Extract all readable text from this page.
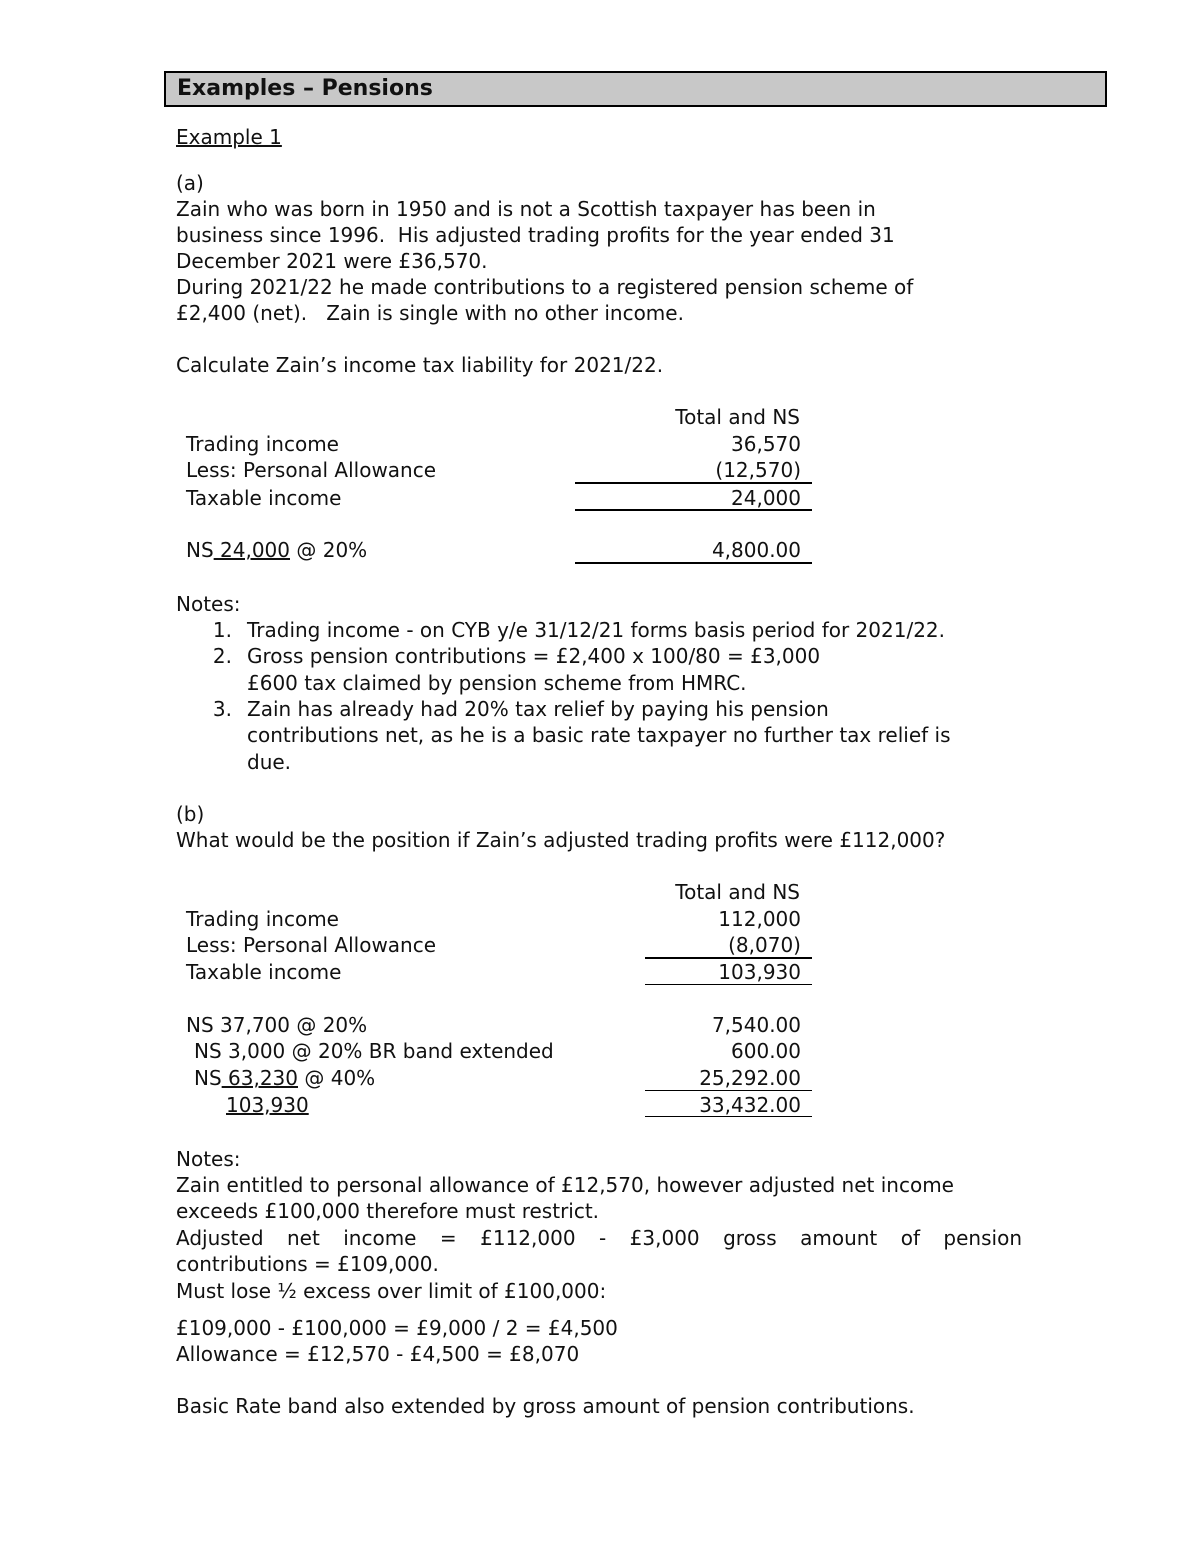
Examples – Pensions
Example 1
(a)
Zain who was born in 1950 and is not a Scottish taxpayer has been in
business since 1996.  His adjusted trading profits for the year ended 31
December 2021 were £36,570.
During 2021/22 he made contributions to a registered pension scheme of
£2,400 (net).   Zain is single with no other income.
Calculate Zain’s income tax liability for 2021/22.
Total and NS
Trading income	36,570
Less: Personal Allowance	(12,570)
Taxable income	24,000
NS 24,000 @ 20%	4,800.00
Notes:
1. Trading income - on CYB y/e 31/12/21 forms basis period for 2021/22.
2. Gross pension contributions = £2,400 x 100/80 = £3,000
£600 tax claimed by pension scheme from HMRC.
3. Zain has already had 20% tax relief by paying his pension
contributions net, as he is a basic rate taxpayer no further tax relief is
due.
(b)
What would be the position if Zain’s adjusted trading profits were £112,000?
Total and NS
Trading income	112,000
Less: Personal Allowance	(8,070)
Taxable income	103,930
NS 37,700 @ 20%	7,540.00
NS 3,000 @ 20% BR band extended	600.00
NS 63,230 @ 40%	25,292.00
103,930	33,432.00
Notes:
Zain entitled to personal allowance of £12,570, however adjusted net income
exceeds £100,000 therefore must restrict.
Adjusted net income = £112,000 - £3,000 gross amount of pension
contributions = £109,000.
Must lose ½ excess over limit of £100,000:
£109,000 - £100,000 = £9,000 / 2 = £4,500
Allowance = £12,570 - £4,500 = £8,070
Basic Rate band also extended by gross amount of pension contributions.
